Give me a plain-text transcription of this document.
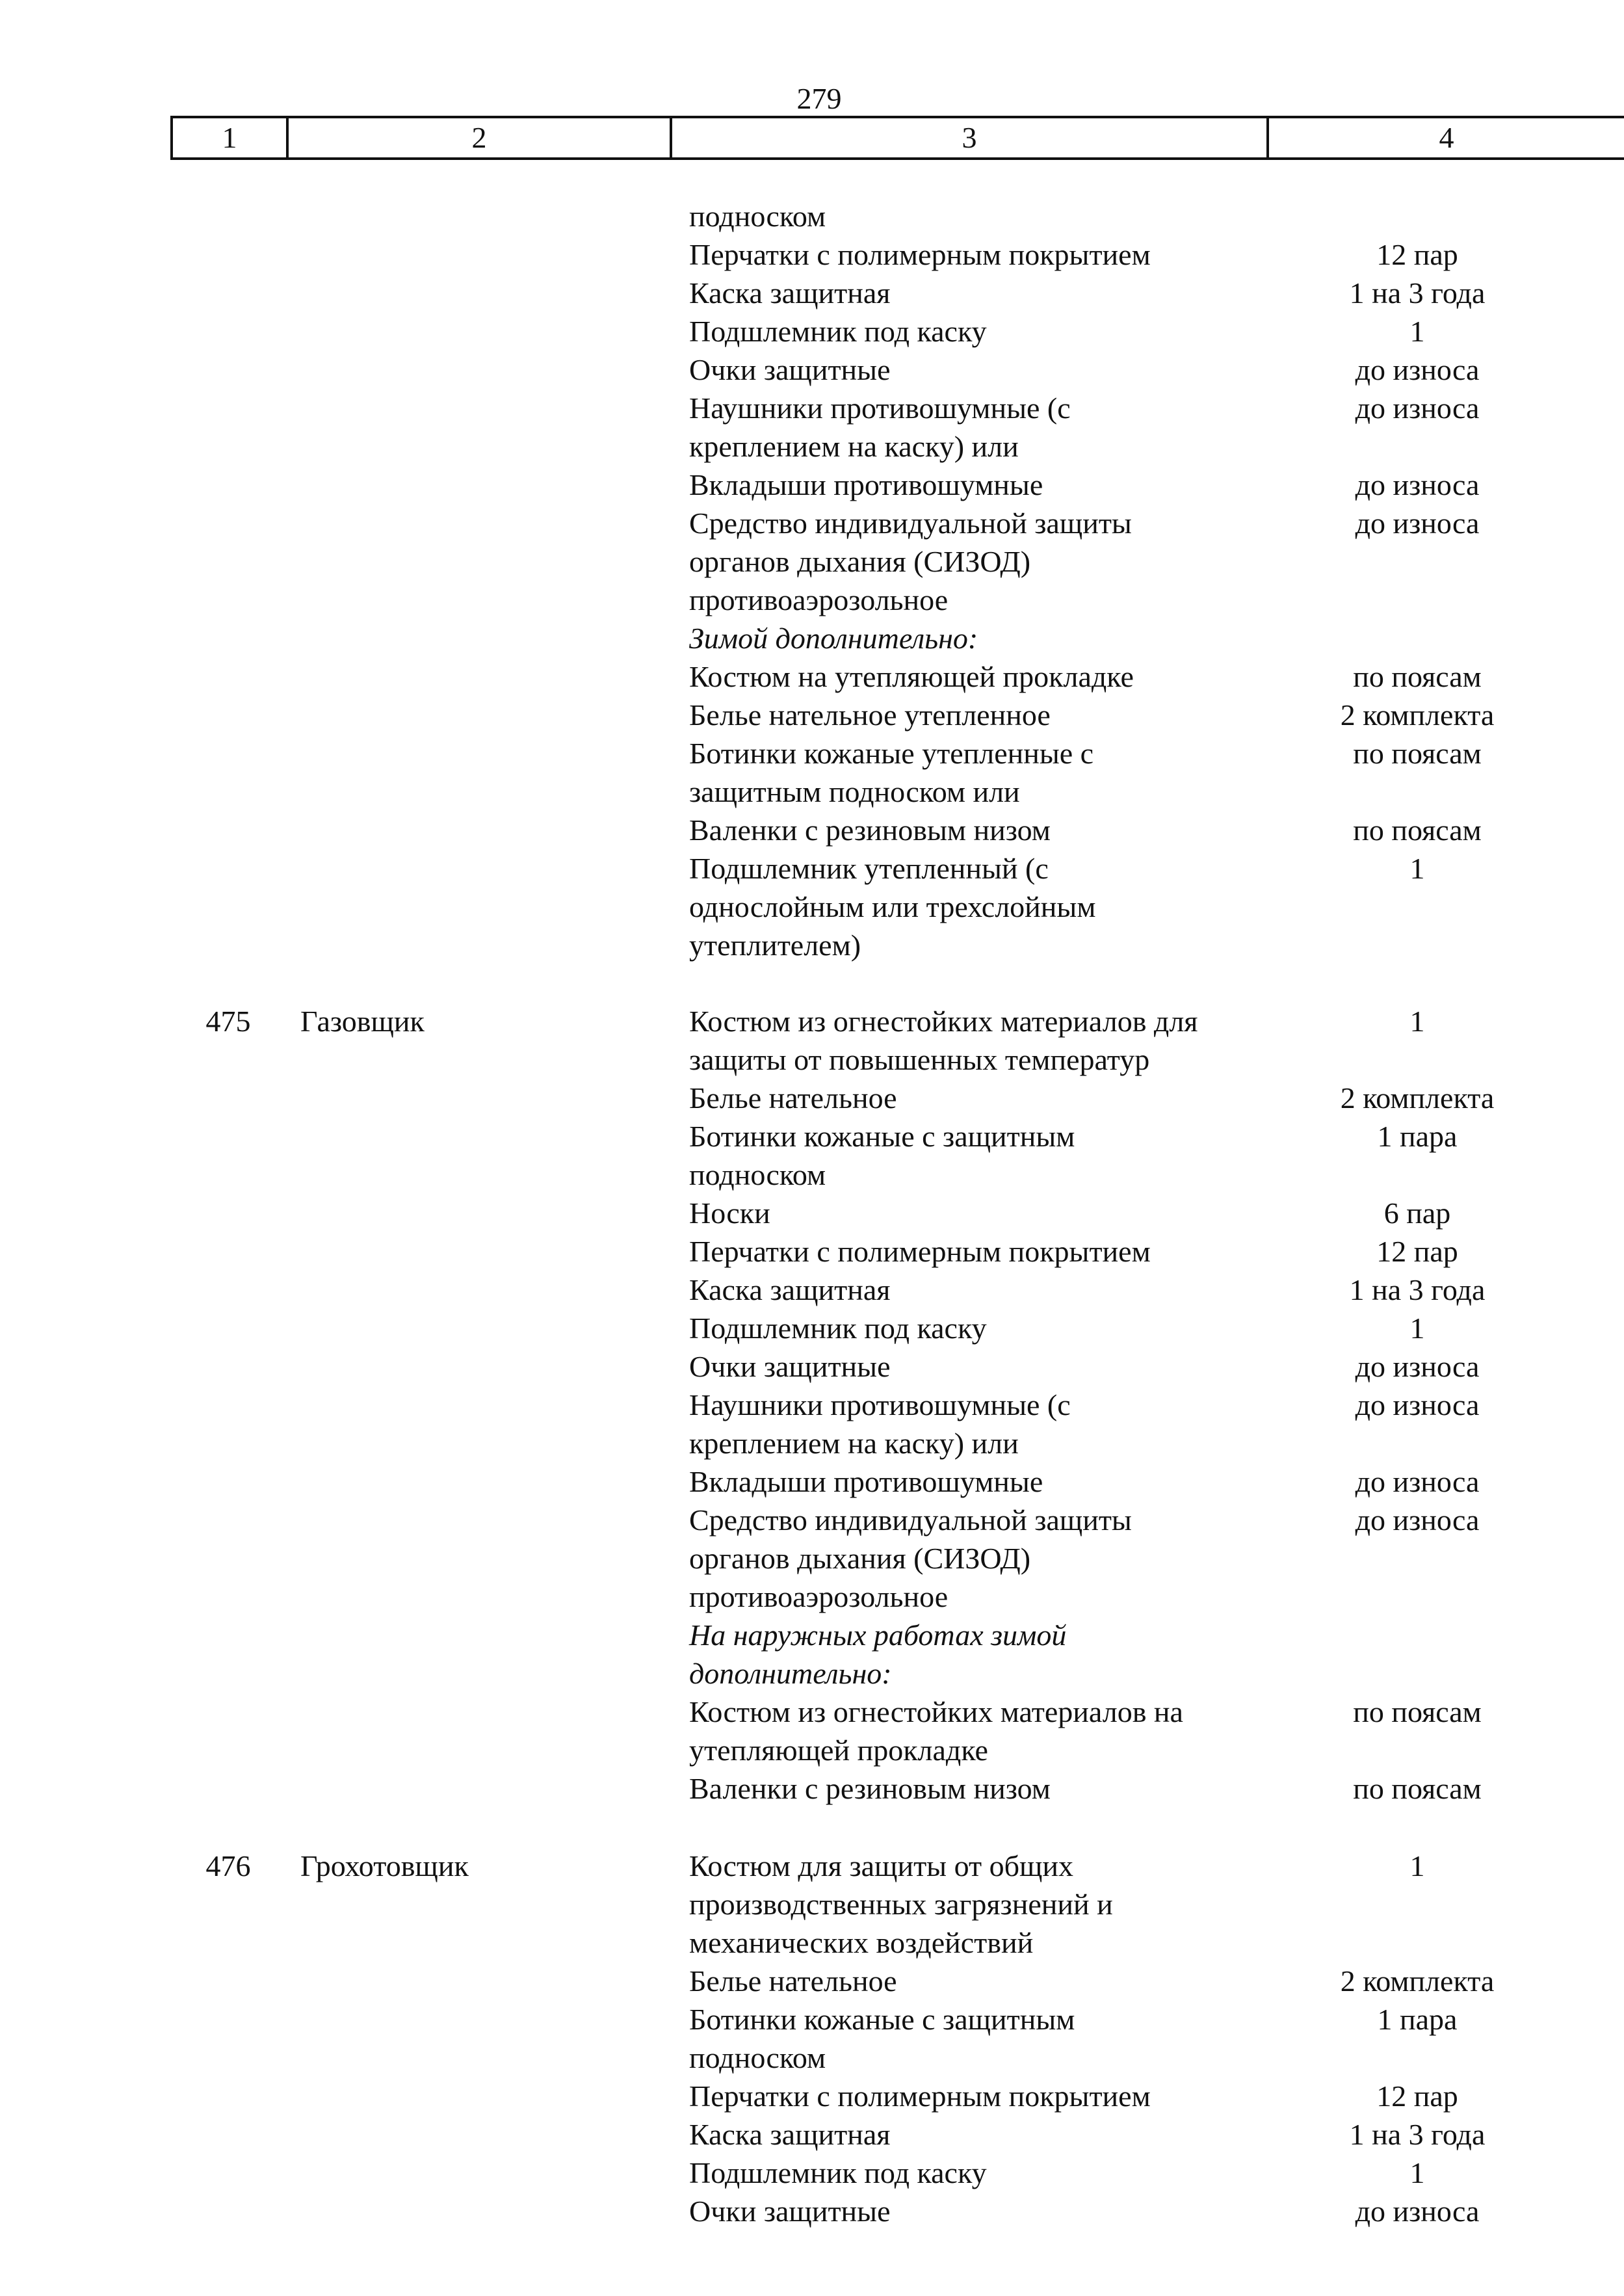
279
1	2	3	4
подноском
Перчатки с полимерным покрытием	12 пар
Каска защитная	1 на 3 года
Подшлемник под каску	1
Очки защитные	до износа
Наушники противошумные (с	до износа
креплением на каску) или
Вкладыши противошумные	до износа
Средство индивидуальной защиты	до износа
органов дыхания (СИЗОД)
противоаэрозольное
Зимой дополнительно:
Костюм на утепляющей прокладке	по поясам
Белье нательное утепленное	2 комплекта
Ботинки кожаные утепленные с	по поясам
защитным подноском или
Валенки с резиновым низом	по поясам
Подшлемник утепленный (с	1
однослойным или трехслойным
утеплителем)
475	Газовщик	Костюм из огнестойких материалов для	1
защиты от повышенных температур
Белье нательное	2 комплекта
Ботинки кожаные с защитным	1 пара
подноском
Носки	6 пар
Перчатки с полимерным покрытием	12 пар
Каска защитная	1 на 3 года
Подшлемник под каску	1
Очки защитные	до износа
Наушники противошумные (с	до износа
креплением на каску) или
Вкладыши противошумные	до износа
Средство индивидуальной защиты	до износа
органов дыхания (СИЗОД)
противоаэрозольное
На наружных работах зимой
дополнительно:
Костюм из огнестойких материалов на	по поясам
утепляющей прокладке
Валенки с резиновым низом	по поясам
476	Грохотовщик	Костюм для защиты от общих	1
производственных загрязнений и
механических воздействий
Белье нательное	2 комплекта
Ботинки кожаные с защитным	1 пара
подноском
Перчатки с полимерным покрытием	12 пар
Каска защитная	1 на 3 года
Подшлемник под каску	1
Очки защитные	до износа
